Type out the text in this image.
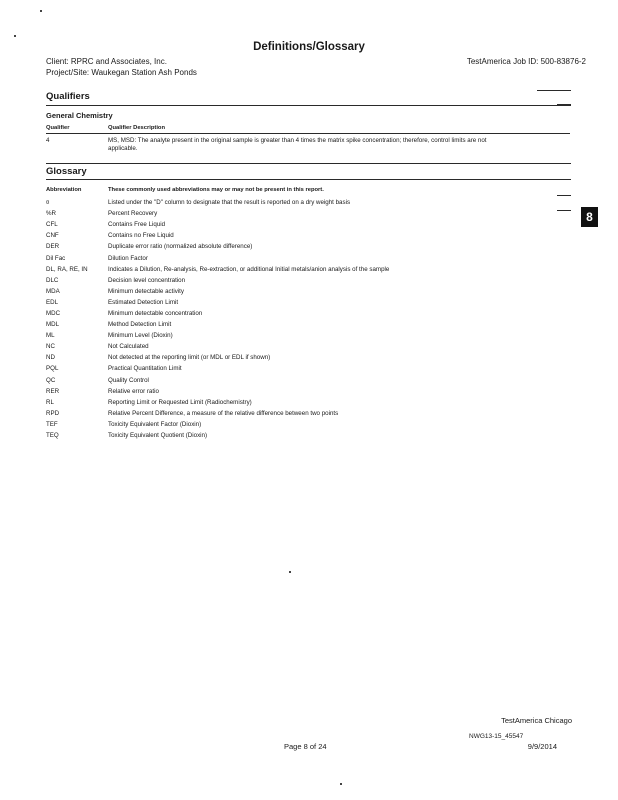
Definitions/Glossary
Client: RPRC and Associates, Inc.
Project/Site: Waukegan Station Ash Ponds
TestAmerica Job ID: 500-83876-2
Qualifiers
General Chemistry
Qualifier	Qualifier Description
4	MS, MSD: The analyte present in the original sample is greater than 4 times the matrix spike concentration; therefore, control limits are not
applicable.
Glossary
Abbreviation	These commonly used abbreviations may or may not be present in this report.
8
¤	Listed under the "D" column to designate that the result is reported on a dry weight basis
%R	Percent Recovery
CFL	Contains Free Liquid
CNF	Contains no Free Liquid
DER	Duplicate error ratio (normalized absolute difference)
Dil Fac	Dilution Factor
DL, RA, RE, IN	Indicates a Dilution, Re-analysis, Re-extraction, or additional Initial metals/anion analysis of the sample
DLC	Decision level concentration
MDA	Minimum detectable activity
EDL	Estimated Detection Limit
MDC	Minimum detectable concentration
MDL	Method Detection Limit
ML	Minimum Level (Dioxin)
NC	Not Calculated
ND	Not detected at the reporting limit (or MDL or EDL if shown)
PQL	Practical Quantitation Limit
QC	Quality Control
RER	Relative error ratio
RL	Reporting Limit or Requested Limit (Radiochemistry)
RPD	Relative Percent Difference, a measure of the relative difference between two points
TEF	Toxicity Equivalent Factor (Dioxin)
TEQ	Toxicity Equivalent Quotient (Dioxin)
TestAmerica Chicago
NWG13-15_45547
Page 8 of 24	9/9/2014
